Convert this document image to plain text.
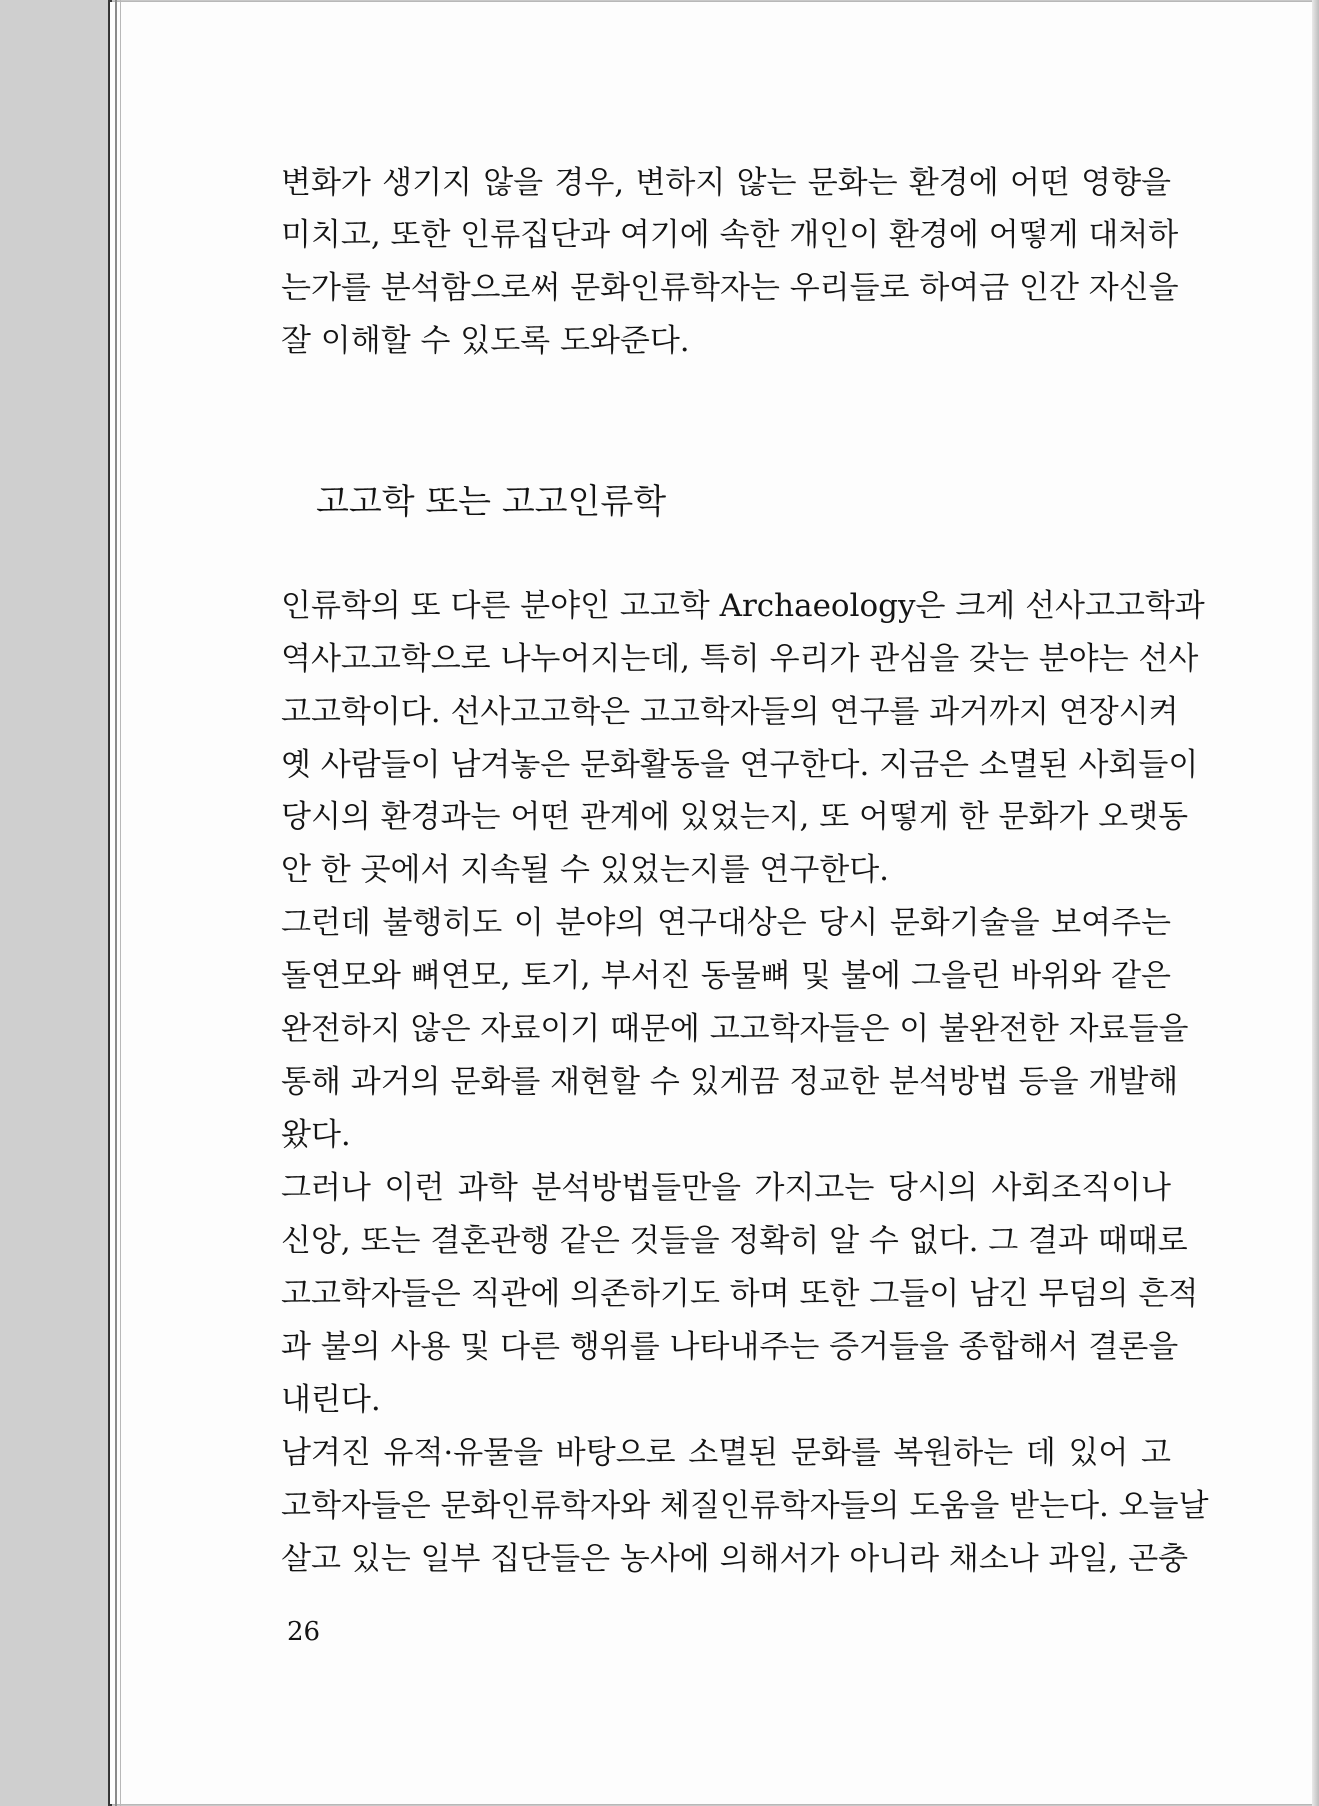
변화가 생기지 않을 경우, 변하지 않는 문화는 환경에 어떤 영향을
미치고, 또한 인류집단과 여기에 속한 개인이 환경에 어떻게 대처하
는가를 분석함으로써 문화인류학자는 우리들로 하여금 인간 자신을
잘 이해할 수 있도록 도와준다.
고고학 또는 고고인류학
인류학의 또 다른 분야인 고고학 Archaeology은 크게 선사고고학과
역사고고학으로 나누어지는데, 특히 우리가 관심을 갖는 분야는 선사
고고학이다. 선사고고학은 고고학자들의 연구를 과거까지 연장시켜
옛 사람들이 남겨놓은 문화활동을 연구한다. 지금은 소멸된 사회들이
당시의 환경과는 어떤 관계에 있었는지, 또 어떻게 한 문화가 오랫동
안 한 곳에서 지속될 수 있었는지를 연구한다.
그런데 불행히도 이 분야의 연구대상은 당시 문화기술을 보여주는
돌연모와 뼈연모, 토기, 부서진 동물뼈 및 불에 그을린 바위와 같은
완전하지 않은 자료이기 때문에 고고학자들은 이 불완전한 자료들을
통해 과거의 문화를 재현할 수 있게끔 정교한 분석방법 등을 개발해
왔다.
그러나 이런 과학 분석방법들만을 가지고는 당시의 사회조직이나
신앙, 또는 결혼관행 같은 것들을 정확히 알 수 없다. 그 결과 때때로
고고학자들은 직관에 의존하기도 하며 또한 그들이 남긴 무덤의 흔적
과 불의 사용 및 다른 행위를 나타내주는 증거들을 종합해서 결론을
내린다.
남겨진 유적·유물을 바탕으로 소멸된 문화를 복원하는 데 있어 고
고학자들은 문화인류학자와 체질인류학자들의 도움을 받는다. 오늘날
살고 있는 일부 집단들은 농사에 의해서가 아니라 채소나 과일, 곤충
26
